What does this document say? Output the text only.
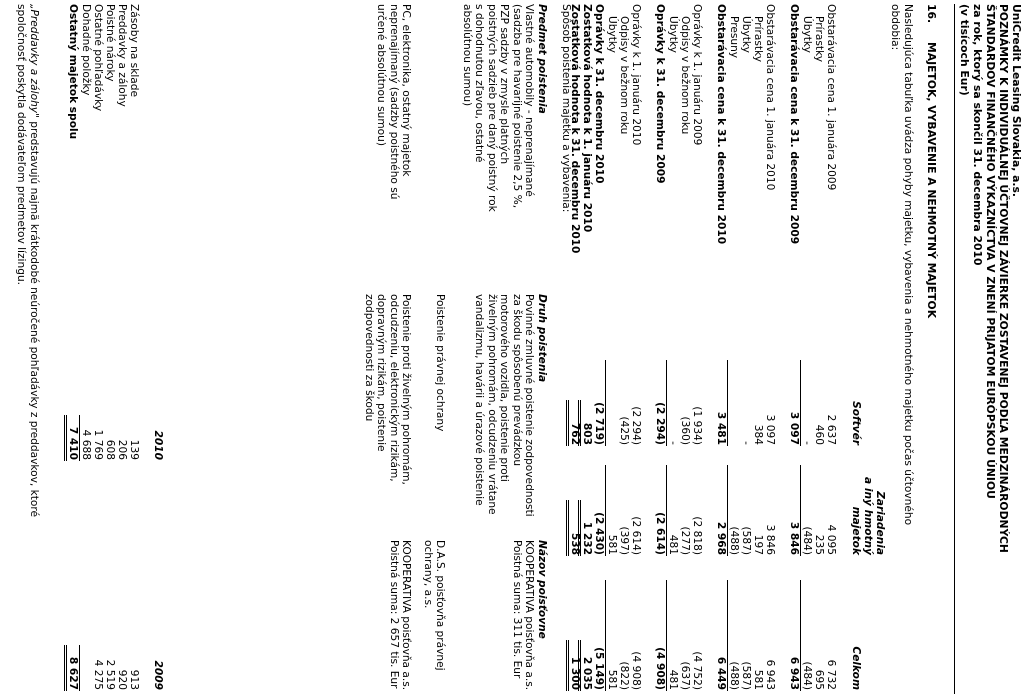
UniCredit Leasing Slovakia, a.s.
POZNÁMKY K INDIVIDUÁLNEJ ÚČTOVNEJ ZÁVIERKE ZOSTAVENEJ PODĽA MEDZINÁRODNÝCH
ŠTANDARDOV FINANČNÉHO VÝKAZNÍCTVA V ZNENÍ PRIJATOM EURÓPSKOU ÚNIOU
za rok, ktorý sa skončil 31. decembra 2010
(v tisícoch Eur)
16.
MAJETOK, VYBAVENIE A NEHMOTNÝ MAJETOK
Nasledujúca tabuľka uvádza pohyby majetku, vybavenia a nehmotného majetku počas účtovného
obdobia:
Softvér
Zariadenia
a iný hmotný
majetok
Celkom
Obstarávacia cena 1. januára 2009
2 637
4 095
6 732
Prírastky
460
235
695
Úbytky
-
(484)
(484)
Obstarávacia cena k 31. decembru 2009
3 097
3 846
6 943
Obstarávacia cena 1. januára 2010
3 097
3 846
6 943
Prírastky
384
197
581
Úbytky
-
(587)
(587)
Presuny
(488)
(488)
Obstarávacia cena k 31. decembru 2010
3 481
2 968
6 449
Oprávky k 1. januáru 2009
(1 934)
(2 818)
(4 752)
Odpisy v bežnom roku
(360)
(277)
(637)
Úbytky
-
481
481
Oprávky k 31. decembru 2009
(2 294)
(2 614)
(4 908)
Oprávky k 1. januáru 2010
(2 294)
(2 614)
(4 908)
Odpisy v bežnom roku
(425)
(397)
(822)
Úbytky
581
581
Oprávky k 31. decembru 2010
(2 719)
(2 430)
(5 149)
Zostatková hodnota k 1. januáru 2010
803
1 232
2 035
Zostatková hodnota k 31. decembru 2010
762
538
1 300
Spôsob poistenia majetku a vybavenia:
Predmet poistenia
Druh poistenia
Názov poisťovne
Vlastné automobily - neprenajímané
(sadzba pre havarijné poistenie 2,5 %,
PZP sadzby v zmysle platných
poistných sadzieb pre daný poistný rok
s dohodnutou zľavou, ostatné
absolútnou sumou)
Povinné zmluvné poistenie zodpovednosti
za škodu spôsobenú prevádzkou
motorového vozidla, poistenie proti
živelným pohromám, odcudzeniu vrátane
vandalizmu, havárii a úrazové poistenie
KOOPERATIVA poisťovňa a.s.
Poistná suma: 311 tis. Eur
Poistenie právnej ochrany
D.A.S. poisťovňa právnej
ochrany, a.s.
PC, elektronika, ostatný majetok
neprenajímaný (sadzby poistného sú
určené absolútnou sumou)
Poistenie proti živelným pohromám,
odcudzeniu, elektronickým rizikám,
dopravným rizikám, poistenie
zodpovednosti za škodu
KOOPERATIVA poisťovňa a.s.
Poistná suma: 2 657 tis. Eur
2010
2009
Zásoby na sklade
139
913
Preddavky a zálohy
206
920
Poistné nároky
608
2 519
Ostatné pohľadávky
1 769
4 275
Dohadné položky
4 688
Ostatný majetok spolu
7 410
8 627
„Preddavky a zálohy" predstavujú najmä krátkodobé neúročené pohľadávky z preddavkov, ktoré
spoločnosť poskytla dodávateľom predmetov lízingu.
